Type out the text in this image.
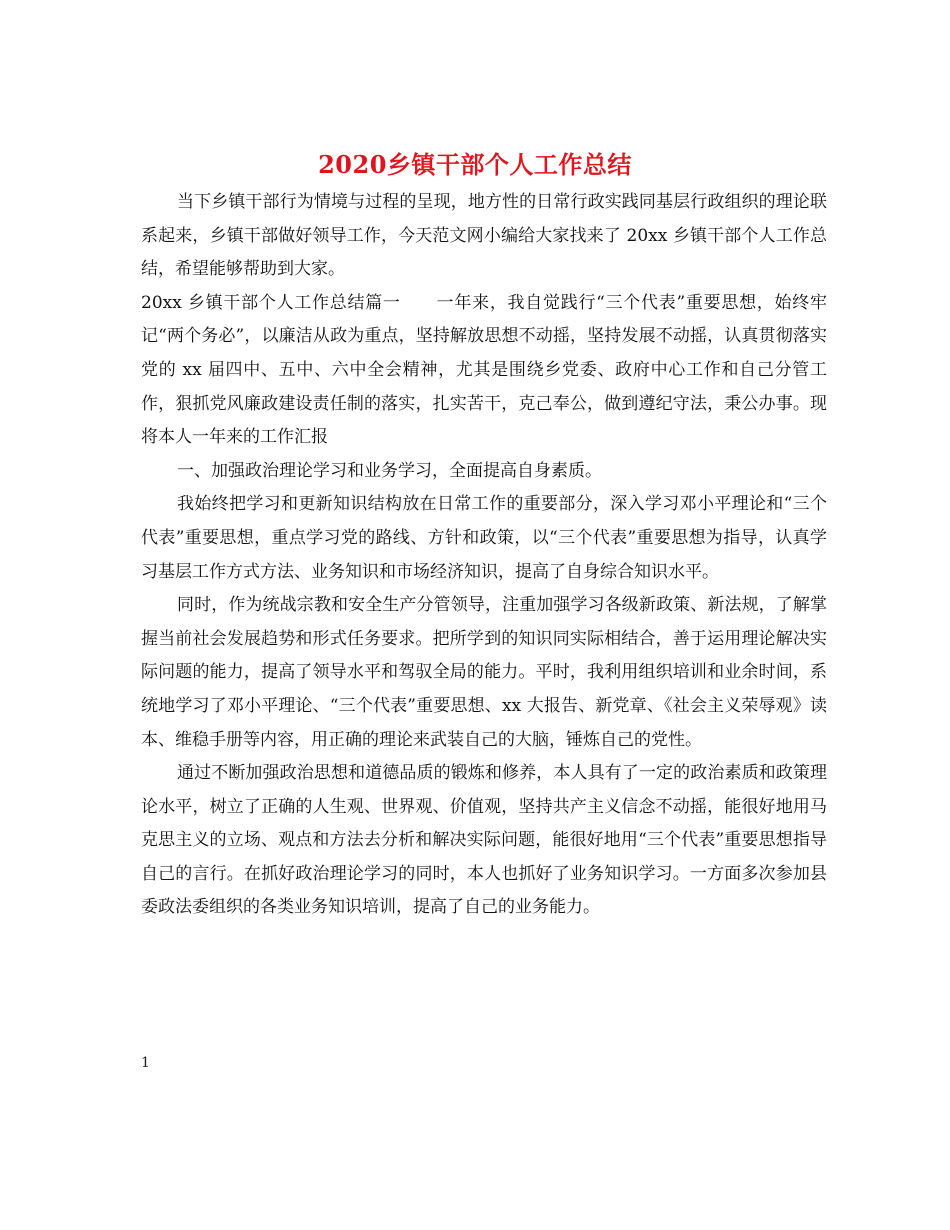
2020乡镇干部个人工作总结

当下乡镇干部行为情境与过程的呈现，地方性的日常行政实践同基层行政组织的理论联系起来，乡镇干部做好领导工作，今天范文网小编给大家找来了 20xx 乡镇干部个人工作总结，希望能够帮助到大家。

20xx 乡镇干部个人工作总结篇一 一年来，我自觉践行“三个代表”重要思想，始终牢记“两个务必”，以廉洁从政为重点，坚持解放思想不动摇，坚持发展不动摇，认真贯彻落实党的 xx 届四中、五中、六中全会精神，尤其是围绕乡党委、政府中心工作和自己分管工作，狠抓党风廉政建设责任制的落实，扎实苦干，克己奉公，做到遵纪守法，秉公办事。现将本人一年来的工作汇报

一、加强政治理论学习和业务学习，全面提高自身素质。

我始终把学习和更新知识结构放在日常工作的重要部分，深入学习邓小平理论和“三个代表”重要思想，重点学习党的路线、方针和政策，以“三个代表”重要思想为指导，认真学习基层工作方式方法、业务知识和市场经济知识，提高了自身综合知识水平。

同时，作为统战宗教和安全生产分管领导，注重加强学习各级新政策、新法规，了解掌握当前社会发展趋势和形式任务要求。把所学到的知识同实际相结合，善于运用理论解决实际问题的能力，提高了领导水平和驾驭全局的能力。平时，我利用组织培训和业余时间，系统地学习了邓小平理论、“三个代表”重要思想、xx 大报告、新党章、《社会主义荣辱观》读本、维稳手册等内容，用正确的理论来武装自己的大脑，锤炼自己的党性。

通过不断加强政治思想和道德品质的锻炼和修养，本人具有了一定的政治素质和政策理论水平，树立了正确的人生观、世界观、价值观，坚持共产主义信念不动摇，能很好地用马克思主义的立场、观点和方法去分析和解决实际问题，能很好地用“三个代表”重要思想指导自己的言行。在抓好政治理论学习的同时，本人也抓好了业务知识学习。一方面多次参加县委政法委组织的各类业务知识培训，提高了自己的业务能力。

1
